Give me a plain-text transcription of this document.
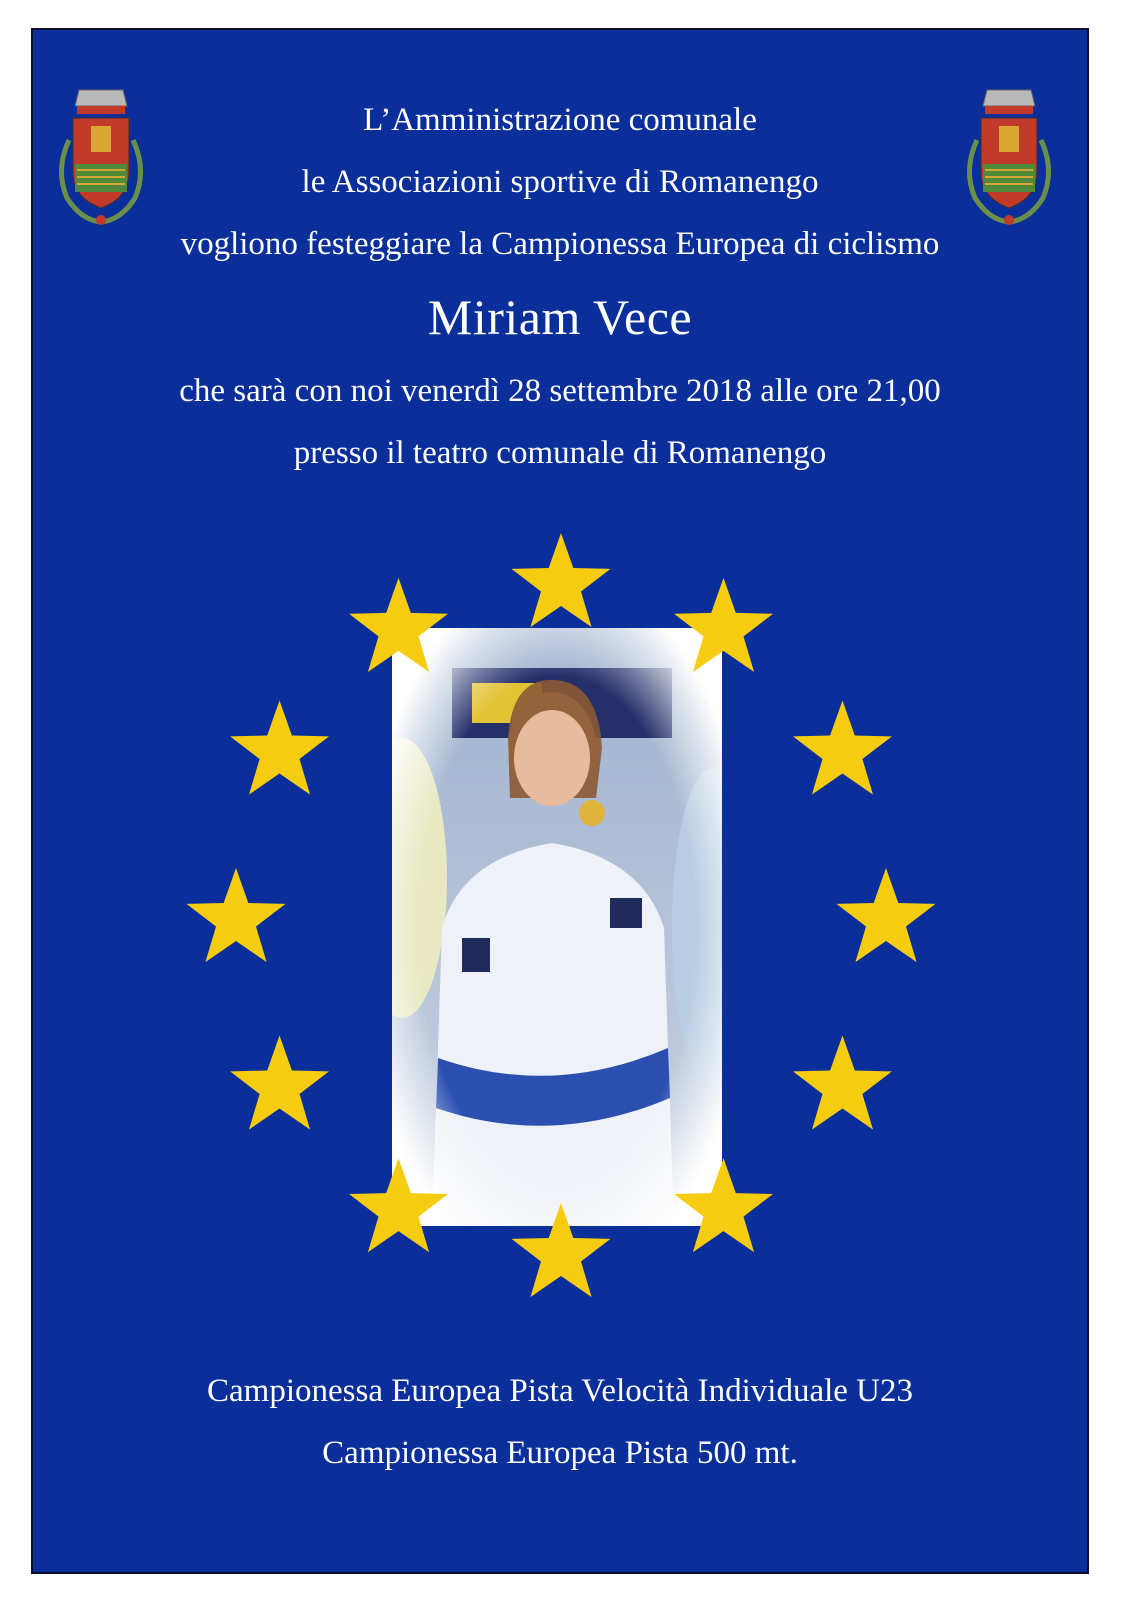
L’Amministrazione comunale
le Associazioni sportive di Romanengo
vogliono festeggiare la Campionessa Europea di ciclismo
Miriam Vece
che sarà con noi venerdì 28 settembre 2018 alle ore 21,00
presso il teatro comunale di Romanengo
Campionessa Europea Pista Velocità Individuale U23
Campionessa Europea Pista 500 mt.
